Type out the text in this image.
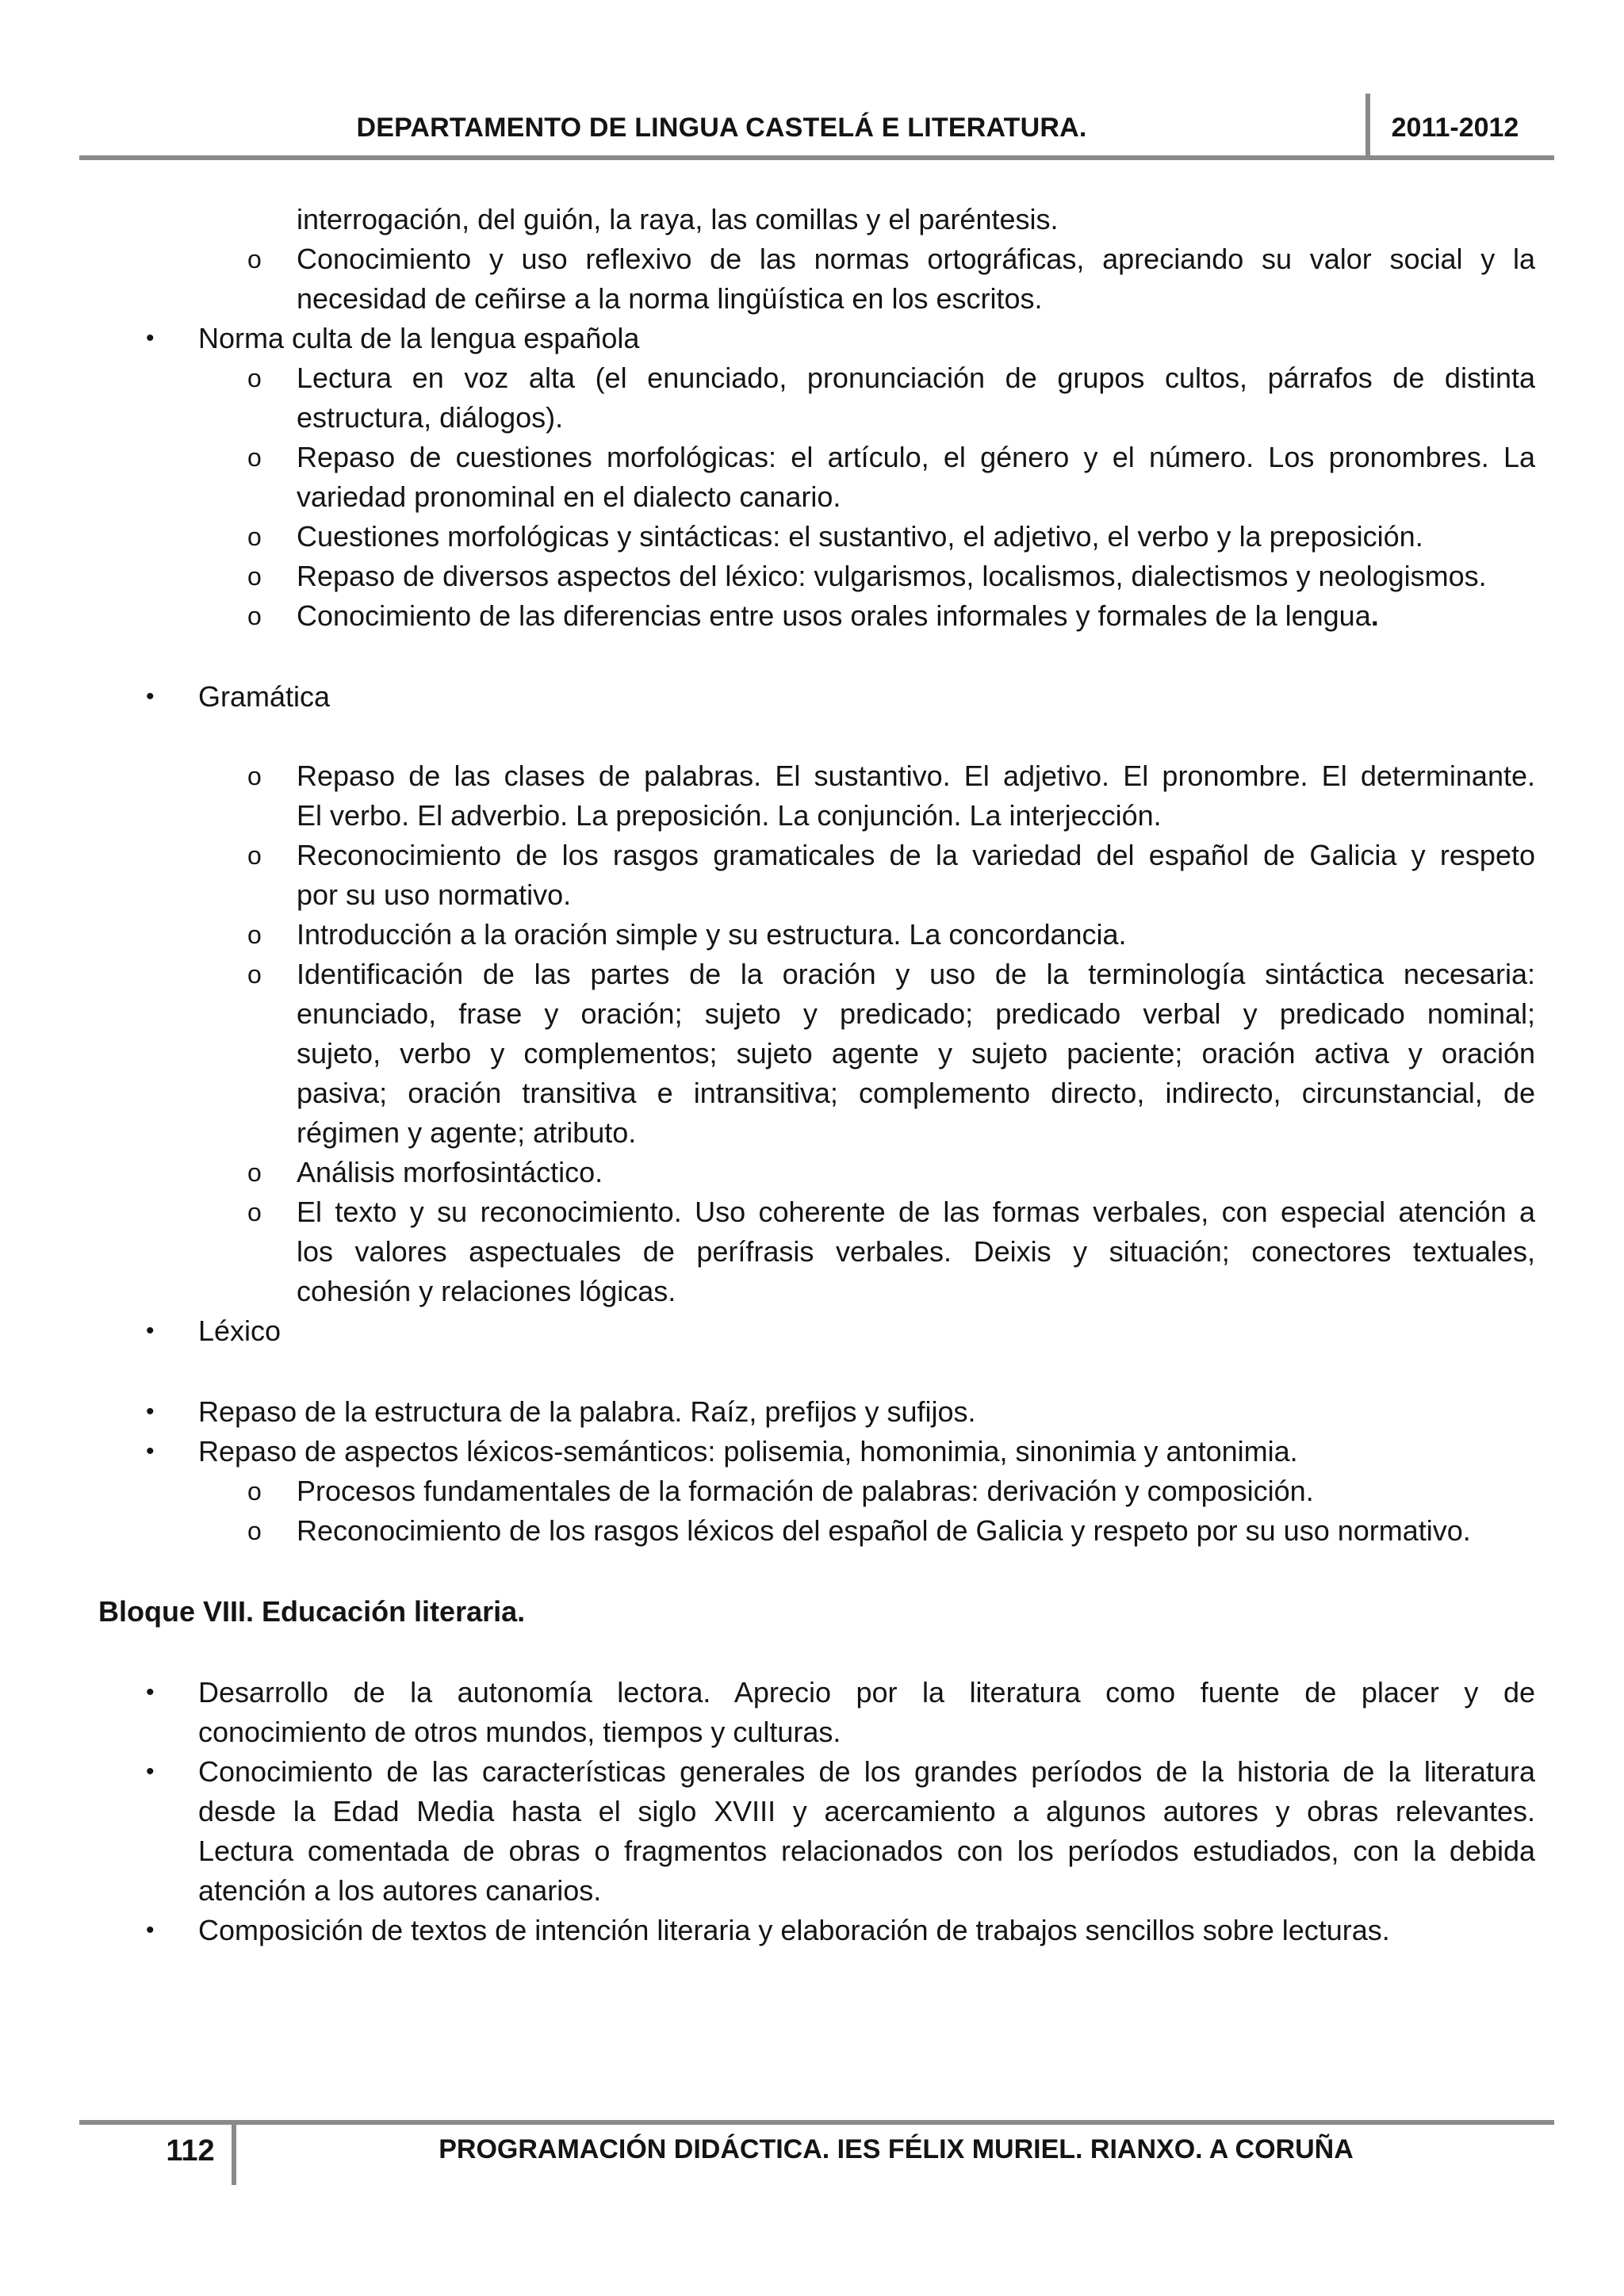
DEPARTAMENTO DE LINGUA CASTELÁ E LITERATURA.	2011-2012
interrogación, del guión, la raya, las comillas y el paréntesis.
o Conocimiento y uso reflexivo de las normas ortográficas, apreciando su valor social y la
necesidad de ceñirse a la norma lingüística en los escritos.
• Norma culta de la lengua española
o Lectura en voz alta (el enunciado, pronunciación de grupos cultos, párrafos de distinta
estructura, diálogos).
o Repaso de cuestiones morfológicas: el artículo, el género y el número. Los pronombres. La
variedad pronominal en el dialecto canario.
o Cuestiones morfológicas y sintácticas: el sustantivo, el adjetivo, el verbo y la preposición.
o Repaso de diversos aspectos del léxico: vulgarismos, localismos, dialectismos y neologismos.
o Conocimiento de las diferencias entre usos orales informales y formales de la lengua.
• Gramática
o Repaso de las clases de palabras. El sustantivo. El adjetivo. El pronombre. El determinante.
El verbo. El adverbio. La preposición. La conjunción. La interjección.
o Reconocimiento de los rasgos gramaticales de la variedad del español de Galicia y respeto
por su uso normativo.
o Introducción a la oración simple y su estructura. La concordancia.
o Identificación de las partes de la oración y uso de la terminología sintáctica necesaria:
enunciado, frase y oración; sujeto y predicado; predicado verbal y predicado nominal;
sujeto, verbo y complementos; sujeto agente y sujeto paciente; oración activa y oración
pasiva; oración transitiva e intransitiva; complemento directo, indirecto, circunstancial, de
régimen y agente; atributo.
o Análisis morfosintáctico.
o El texto y su reconocimiento. Uso coherente de las formas verbales, con especial atención a
los valores aspectuales de perífrasis verbales. Deixis y situación; conectores textuales,
cohesión y relaciones lógicas.
• Léxico
• Repaso de la estructura de la palabra. Raíz, prefijos y sufijos.
• Repaso de aspectos léxicos-semánticos: polisemia, homonimia, sinonimia y antonimia.
o Procesos fundamentales de la formación de palabras: derivación y composición.
o Reconocimiento de los rasgos léxicos del español de Galicia y respeto por su uso normativo.
Bloque VIII. Educación literaria.
• Desarrollo de la autonomía lectora. Aprecio por la literatura como fuente de placer y de
conocimiento de otros mundos, tiempos y culturas.
• Conocimiento de las características generales de los grandes períodos de la historia de la literatura
desde la Edad Media hasta el siglo XVIII y acercamiento a algunos autores y obras relevantes.
Lectura comentada de obras o fragmentos relacionados con los períodos estudiados, con la debida
atención a los autores canarios.
• Composición de textos de intención literaria y elaboración de trabajos sencillos sobre lecturas.
112	PROGRAMACIÓN DIDÁCTICA. IES FÉLIX MURIEL. RIANXO. A CORUÑA
